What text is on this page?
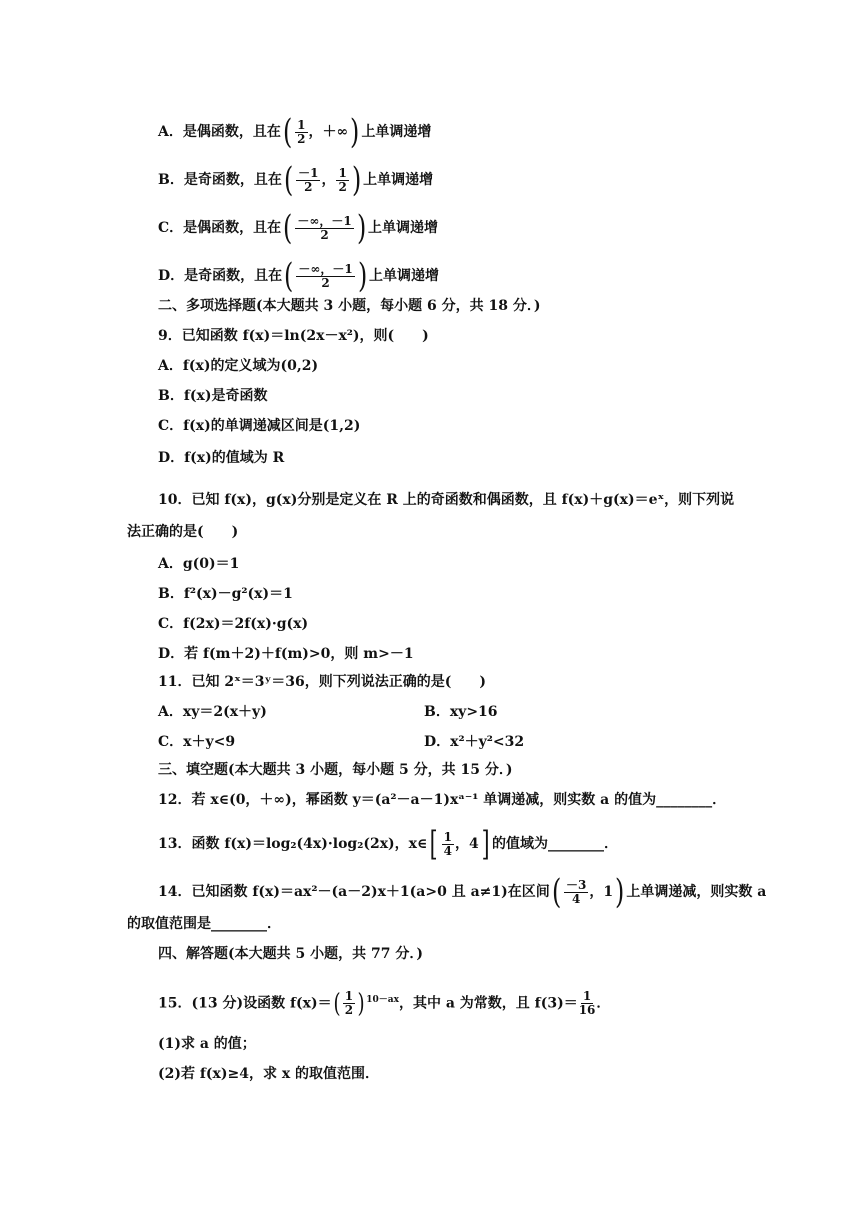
A．是偶函数，且在( $\frac{1}{2}$ ，＋∞) 上单调递增
B．是奇函数，且在( $\frac{-1}{2}$ ， $\frac{1}{2}$ ) 上单调递增
C．是偶函数，且在( $\frac{-\infty,-1}{2}$ ) 上单调递增
D．是奇函数，且在( $\frac{-\infty,-1}{2}$ ) 上单调递增
二、多项选择题(本大题共 3 小题，每小题 6 分，共 18 分．)
9．已知函数 f(x)＝ln(2x－x²)，则(　　)
A．f(x)的定义域为(0,2)
B．f(x)是奇函数
C．f(x)的单调递减区间是(1,2)
D．f(x)的值域为 R
10．已知 f(x)，g(x)分别是定义在 R 上的奇函数和偶函数，且 f(x)＋g(x)＝eˣ，则下列说
法正确的是(　　)
A．g(0)＝1
B．f²(x)－g²(x)＝1
C．f(2x)＝2f(x)·g(x)
D．若 f(m＋2)＋f(m)>0，则 m>－1
11．已知 2ˣ＝3ʸ＝36，则下列说法正确的是(　　)
A．xy＝2(x＋y)	B．xy>16
C．x＋y<9	D．x²＋y²<32
三、填空题(本大题共 3 小题，每小题 5 分，共 15 分．)
12．若 x∈(0，＋∞)，幂函数 y＝(a²－a－1)xᵃ⁻¹ 单调递减，则实数 a 的值为________．
13．函数 f(x)＝log₂(4x)·log₂(2x)，x∈[ $\frac{1}{4}$ ，4] 的值域为________．
14．已知函数 f(x)＝ax²－(a－2)x＋1(a>0 且 a≠1)在区间( $\frac{-3}{4}$ ，1) 上单调递减，则实数 a
的取值范围是________．
四、解答题(本大题共 5 小题，共 77 分．)
15．(13 分)设函数 $f(x)=( \frac{1}{2}$ ) $^{10-ax}$，其中 a 为常数，且 $f(3)= \frac{1}{16}$ ．
(1)求 a 的值；
(2)若 f(x)≥4，求 x 的取值范围．
